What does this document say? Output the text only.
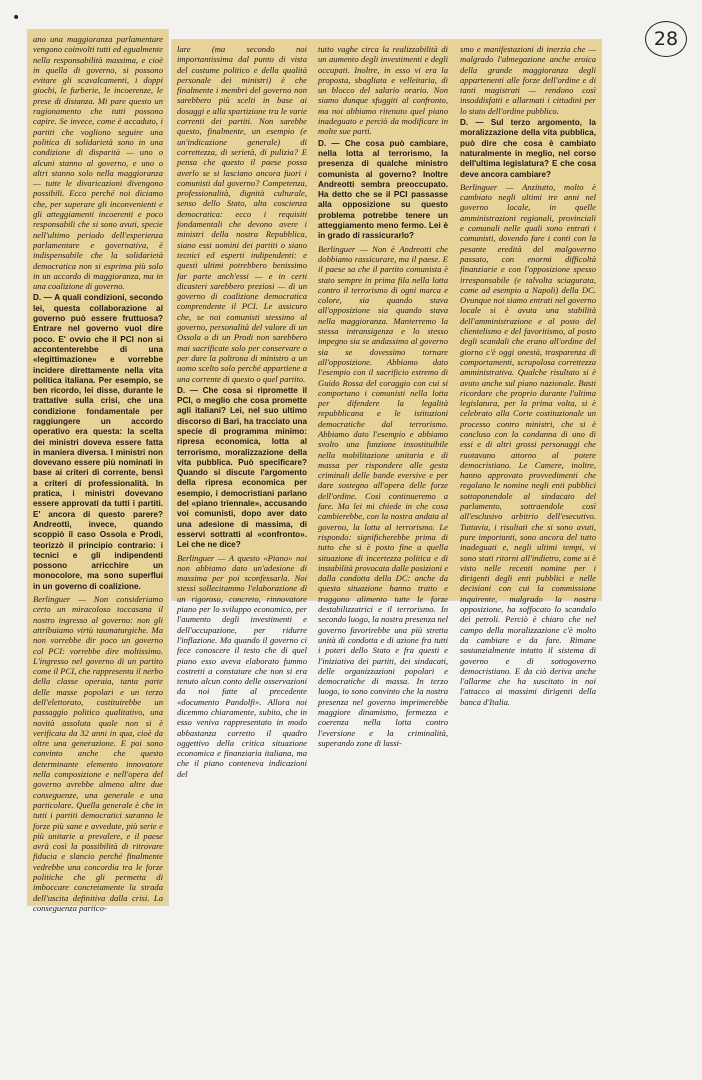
•
28

ano una maggioranza parlamentare vengono coinvolti tutti ed egualmente nella responsabilità massima, e cioè in quella di governo, si possono evitare gli scavalcamenti, i doppi giochi, le furberie, le incoerenze, le prese di distanza. Mi pare questo un ragionamento che tutti possono capire. Se invece, come è accaduto, i partiti che vogliono seguire una politica di solidarietà sono in una condizione di disparità — uno o alcuni stanno al governo, e uno o altri stanno solo nella maggioranza — tutte le divaricazioni divengono possibili. Ecco perché noi diciamo che, per superare gli inconvenienti e gli atteggiamenti incoerenti e poco responsabili che si sono avuti, specie nell'ultimo periodo dell'esperienza parlamentare e governativa, è indispensabile che la solidarietà democratica non si esprima più solo in un accordo di maggioranza, ma in una coalizione di governo.

D. — A quali condizioni, secondo lei, questa collaborazione al governo può essere fruttuosa? Entrare nel governo vuol dire poco. E' ovvio che il PCI non si accontenterebbe di una «legittimazione» e vorrebbe incidere direttamente nella vita politica italiana. Per esempio, se ben ricordo, lei disse, durante le trattative sulla crisi, che una condizione fondamentale per raggiungere un accordo operativo era questa: la scelta dei ministri doveva essere fatta in maniera diversa. I ministri non dovevano essere più nominati in base ai criteri di corrente, bensì a criteri di professionalità. In pratica, i ministri dovevano essere approvati da tutti i partiti. E' ancora di questo parere? Andreotti, invece, quando scoppiò il caso Ossola e Prodi, teorizzò il principio contrario: i tecnici e gli indipendenti possono arricchire un monocolore, ma sono superflui in un governo di coalizione.

Berlinguer — Non consideriamo certo un miracoloso toccasana il nostro ingresso al governo: non gli attribuiamo virtù taumaturgiche. Ma non vorrebbe dir poco un governo col PCI: vorrebbe dire moltissimo. L'ingresso nel governo di un partito come il PCI, che rappresenta il nerbo della classe operaia, tanta parte delle masse popolari e un terzo dell'elettorato, costituirebbe un passaggio politico qualitativo, una novità assoluta quale non si è verificata da 32 anni in qua, cioè da oltre una generazione. E poi sono convinto anche che questo determinante elemento innovatore nella composizione e nell'opera del governo avrebbe almeno altre due conseguenze, una generale e una particolare. Quella generale è che in tutti i partiti democratici saranno le forze più sane e avvedute, più serie e più unitarie a prevalere, e il paese avrà così la possibilità di ritrovare fiducia e slancio perché finalmente vedrebbe una concordia tra le forze politiche che gli permetta di imboccare concretamente la strada dell'uscita definitiva dalla crisi. La conseguenza partico-

lare (ma secondo noi importantissima dal punto di vista del costume politico e della qualità personale dei ministri) è che finalmente i membri del governo non sarebbero più scelti in base ai dosaggi e alla spartizione tra le varie correnti dei partiti. Non sarebbe questo, finalmente, un esempio (e un'indicazione generale) di correttezza, di serietà, di pulizia? E pensa che questo il paese possa averlo se si lasciano ancora fuori i comunisti dal governo? Competenza, professionalità, dignità culturale, senso dello Stato, alta coscienza democratica: ecco i requisiti fondamentali che devono avere i ministri della nostra Repubblica, siano essi uomini dei partiti o siano tecnici ed esperti indipendenti: e questi ultimi potrebbero benissimo far parte anch'essi — e in certi dicasteri sarebbero preziosi — di un governo di coalizione democratica comprendente il PCI. Le assicuro che, se noi comunisti stessimo al governo, personalità del valore di un Ossola o di un Prodi non sarebbero mai sacrificate solo per conservare o per dare la poltrona di ministro a un uomo scelto solo perché appartiene a una corrente di questo o quel partito.

D. — Che cosa si ripromette il PCI, o meglio che cosa promette agli italiani? Lei, nel suo ultimo discorso di Bari, ha tracciato una specie di programma minimo: ripresa economica, lotta al terrorismo, moralizzazione della vita pubblica. Può specificare? Quando si discute l'argomento della ripresa economica per esempio, i democristiani parlano del «piano triennale», accusando voi comunisti, dopo aver dato una adesione di massima, di esservi sottratti al «confronto». Lei che ne dice?

Berlinguer — A questo «Piano» noi non abbiamo dato un'adesione di massima per poi sconfessarla. Noi stessi sollecitammo l'elaborazione di un rigoroso, concreto, rinnovatore piano per lo sviluppo economico, per l'aumento degli investimenti e dell'occupazione, per ridurre l'inflazione. Ma quando il governo ci fece conoscere il testo che di quel piano esso aveva elaborato fummo costretti a constatare che non si era tenuto alcun conto delle osservazioni da noi fatte al precedente «documento Pandolfi». Allora noi dicemmo chiaramente, subito, che in esso veniva rappresentato in modo abbastanza corretto il quadro oggettivo della critica situazione economica e finanziaria italiana, ma che il piano conteneva indicazioni del

tutto vaghe circa la realizzabilità di un aumento degli investimenti e degli occupati. Inoltre, in esso vi era la proposta, sbagliata e velleitaria, di un blocco del salario orario. Non siamo dunque sfuggiti al confronto, ma noi abbiamo ritenuto quel piano inadeguato e perciò da modificare in molte sue parti.

D. — Che cosa può cambiare, nella lotta al terrorismo, la presenza di qualche ministro comunista al governo? Inoltre Andreotti sembra preoccupato. Ha detto che se il PCI passasse alla opposizione su questo problema potrebbe tenere un atteggiamento meno fermo. Lei è in grado di rassicurarlo?

Berlinguer — Non è Andreotti che dobbiamo rassicurare, ma il paese. E il paese sa che il partito comunista è stato sempre in prima fila nella lotta contro il terrorismo di ogni marca e colore, sia quando stava all'opposizione sia quando stava nella maggioranza. Manterremo la stessa intransigenza e lo stesso impegno sia se andassimo al governo sia se dovessimo tornare all'opposizione. Abbiamo dato l'esempio con il sacrificio estremo di Guido Rossa del coraggio con cui si comportano i comunisti nella lotta per difendere la legalità repubblicana e le istituzioni democratiche dal terrorismo. Abbiamo dato l'esempio e abbiamo svolto una funzione insostituibile nella mobilitazione unitaria e di massa per rispondere alle gesta criminali delle bande eversive e per dare sostegno all'opera delle forze dell'ordine. Così continueremo a fare. Ma lei mi chiede in che cosa cambierebbe, con la nostra andata al governo, la lotta al terrorismo. Le rispondo: significherebbe prima di tutto che si è posto fine a quella situazione di incertezza politica e di instabilità provocata dalle posizioni e dalla condotta della DC: anche da questa situazione hanno tratto e traggono alimento tutte le forze destabilizzatrici e il terrorismo. In secondo luogo, la nostra presenza nel governo favorirebbe una più stretta unità di condotta e di azione fra tutti i poteri dello Stato e fra questi e l'iniziativa dei partiti, dei sindacati, delle organizzazioni popolari e democratiche di massa. In terzo luogo, io sono convinto che la nostra presenza nel governo imprimerebbe maggiore dinamismo, fermezza e coerenza nella lotta contro l'eversione e la criminalità, superando zone di lassi-

smo e manifestazioni di inerzia che — malgrado l'abnegazione anche eroica della grande maggioranza degli appartenenti alle forze dell'ordine e di tanti magistrati — rendono così insoddisfatti e allarmati i cittadini per lo stato dell'ordine pubblico.

D. — Sul terzo argomento, la moralizzazione della vita pubblica, può dire che cosa è cambiato naturalmente in meglio, nel corso dell'ultima legislatura? E che cosa deve ancora cambiare?

Berlinguer — Anzitutto, molto è cambiato negli ultimi tre anni nel governo locale, in quelle amministrazioni regionali, provinciali e comunali nelle quali sono entrati i comunisti, dovendo fare i conti con la pesante eredità del malgoverno passato, con enormi difficoltà finanziarie e con l'opposizione spesso irresponsabile (e talvolta sciagurata, come ad esempio a Napoli) della DC. Ovunque noi siamo entrati nel governo locale si è avuta una stabilità dell'amministrazione e al posto del clientelismo e del favoritismo, al posto degli scandali che erano all'ordine del giorno c'è oggi onestà, trasparenza di comportamenti, scrupolosa correttezza amministrativa. Qualche risultato si è avuto anche sul piano nazionale. Basti ricordare che proprio durante l'ultima legislatura, per la prima volta, si è celebrato alla Corte costituzionale un processo contro ministri, che si è concluso con la condanna di uno di essi e di altri grossi personaggi che ruotavano attorno al potere democristiano. Le Camere, inoltre, hanno approvato provvedimenti che regolano le nomine negli enti pubblici sottoponendole al sindacato del parlamento, sottraendole così all'esclusivo arbitrio dell'esecutivo. Tuttavia, i risultati che si sono avuti, pure importanti, sono ancora del tutto inadeguati e, negli ultimi tempi, vi sono stati ritorni all'indietro, come si è visto nelle recenti nomine per i dirigenti degli enti pubblici e nelle decisioni con cui la commissione inquirente, malgrado la nostra opposizione, ha soffocato lo scandalo dei petroli. Perciò è chiaro che nel campo della moralizzazione c'è molto da cambiare e da fare. Rimane sostanzialmente intatto il sistema di governo e di sottogoverno democristiano. E da ciò deriva anche l'allarme che ha suscitato in noi l'attacco ai massimi dirigenti della banca d'Italia.
